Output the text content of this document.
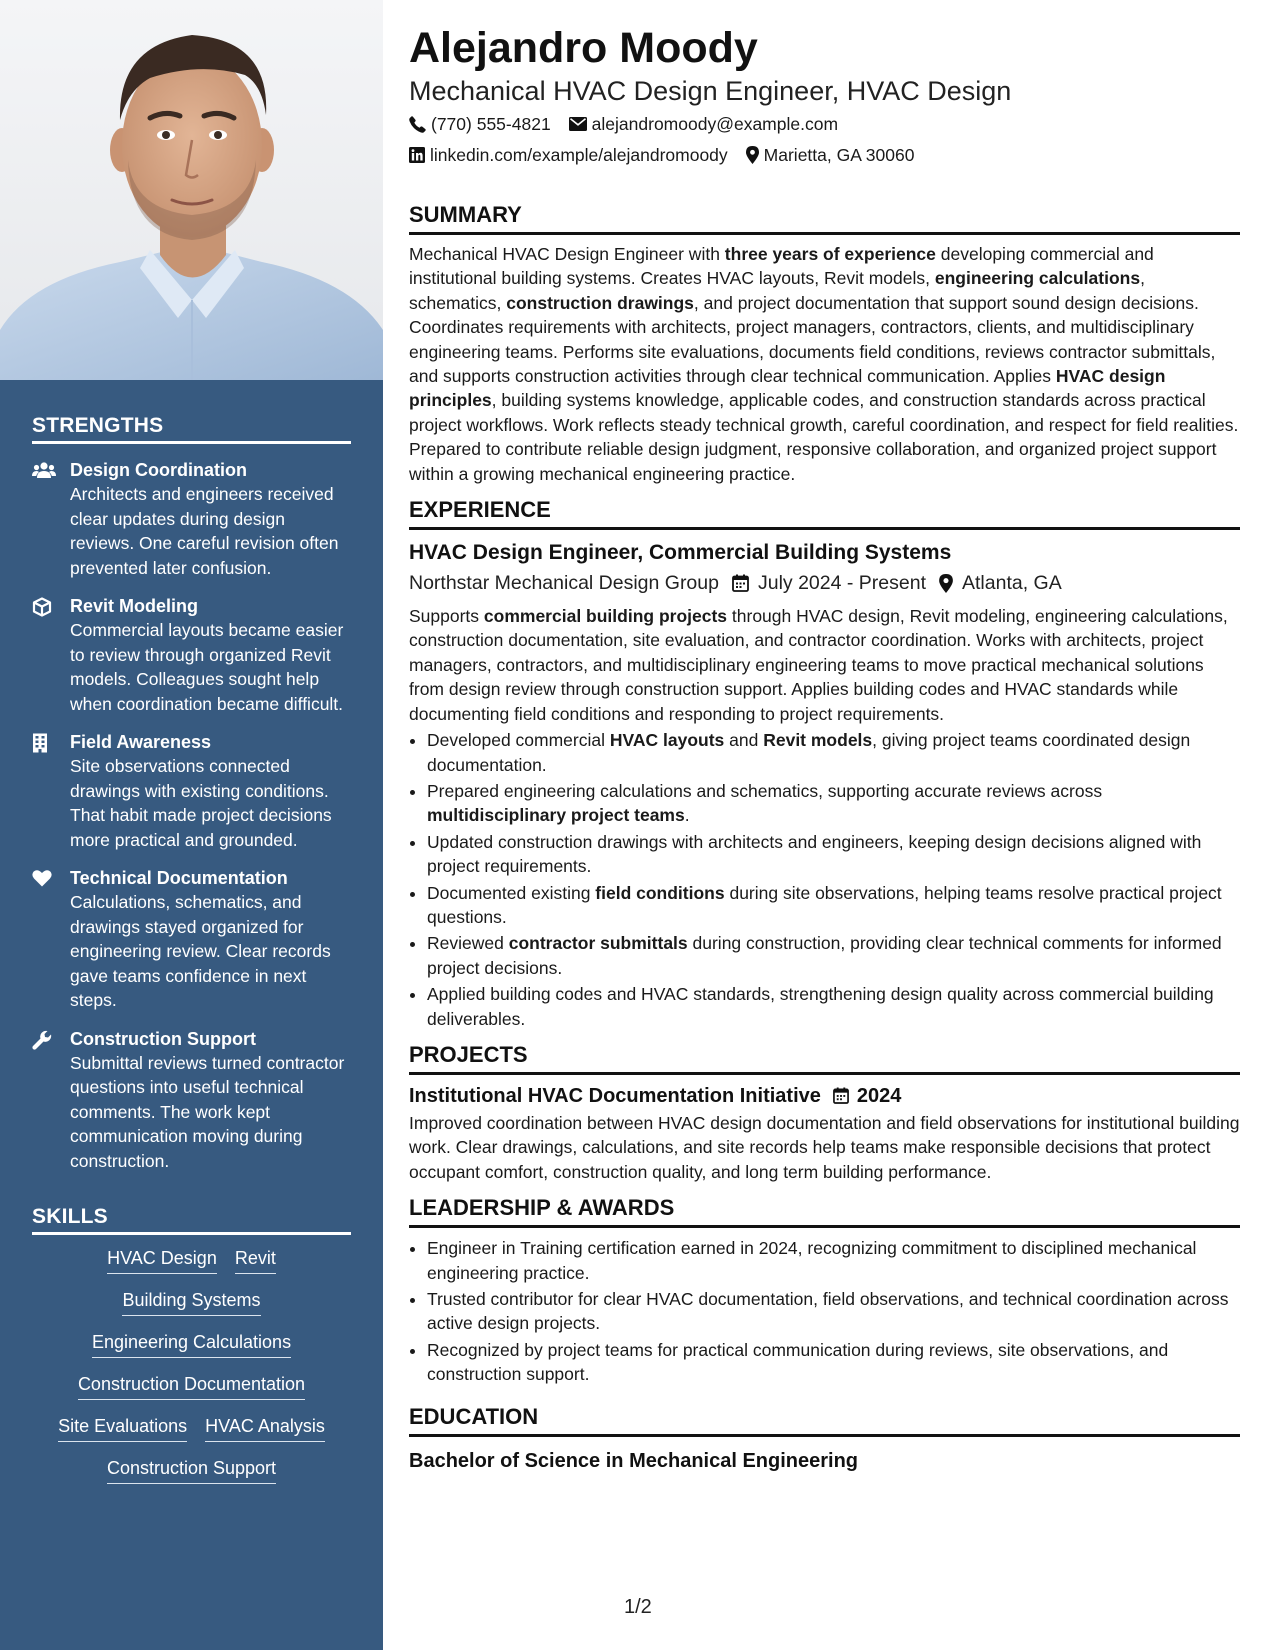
STRENGTHS
Design Coordination
Architects and engineers received clear updates during design reviews. One careful revision often prevented later confusion.
Revit Modeling
Commercial layouts became easier to review through organized Revit models. Colleagues sought help when coordination became difficult.
Field Awareness
Site observations connected drawings with existing conditions. That habit made project decisions more practical and grounded.
Technical Documentation
Calculations, schematics, and drawings stayed organized for engineering review. Clear records gave teams confidence in next steps.
Construction Support
Submittal reviews turned contractor questions into useful technical comments. The work kept communication moving during construction.
SKILLS
HVAC Design Revit
Building Systems
Engineering Calculations
Construction Documentation
Site Evaluations HVAC Analysis
Construction Support
Alejandro Moody
Mechanical HVAC Design Engineer, HVAC Design
(770) 555-4821 alejandromoody@example.com
linkedin.com/example/alejandromoody Marietta, GA 30060
SUMMARY

Mechanical HVAC Design Engineer with three years of experience developing commercial and institutional building systems. Creates HVAC layouts, Revit models, engineering calculations, schematics, construction drawings, and project documentation that support sound design decisions. Coordinates requirements with architects, project managers, contractors, clients, and multidisciplinary engineering teams. Performs site evaluations, documents field conditions, reviews contractor submittals, and supports construction activities through clear technical communication. Applies HVAC design principles, building systems knowledge, applicable codes, and construction standards across practical project workflows. Work reflects steady technical growth, careful coordination, and respect for field realities. Prepared to contribute reliable design judgment, responsive collaboration, and organized project support within a growing mechanical engineering practice.

EXPERIENCE
HVAC Design Engineer, Commercial Building Systems
Northstar Mechanical Design Group July 2024 - Present Atlanta, GA

Supports commercial building projects through HVAC design, Revit modeling, engineering calculations, construction documentation, site evaluation, and contractor coordination. Works with architects, project managers, contractors, and multidisciplinary engineering teams to move practical mechanical solutions from design review through construction support. Applies building codes and HVAC standards while documenting field conditions and responding to project requirements.

• Developed commercial HVAC layouts and Revit models, giving project teams coordinated design documentation.
• Prepared engineering calculations and schematics, supporting accurate reviews across multidisciplinary project teams.
• Updated construction drawings with architects and engineers, keeping design decisions aligned with project requirements.
• Documented existing field conditions during site observations, helping teams resolve practical project questions.
• Reviewed contractor submittals during construction, providing clear technical comments for informed project decisions.
• Applied building codes and HVAC standards, strengthening design quality across commercial building deliverables.
PROJECTS
Institutional HVAC Documentation Initiative 2024

Improved coordination between HVAC design documentation and field observations for institutional building work. Clear drawings, calculations, and site records help teams make responsible decisions that protect occupant comfort, construction quality, and long term building performance.

LEADERSHIP & AWARDS
• Engineer in Training certification earned in 2024, recognizing commitment to disciplined mechanical engineering practice.
• Trusted contributor for clear HVAC documentation, field observations, and technical coordination across active design projects.
• Recognized by project teams for practical communication during reviews, site observations, and construction support.
EDUCATION
Bachelor of Science in Mechanical Engineering
1/2
